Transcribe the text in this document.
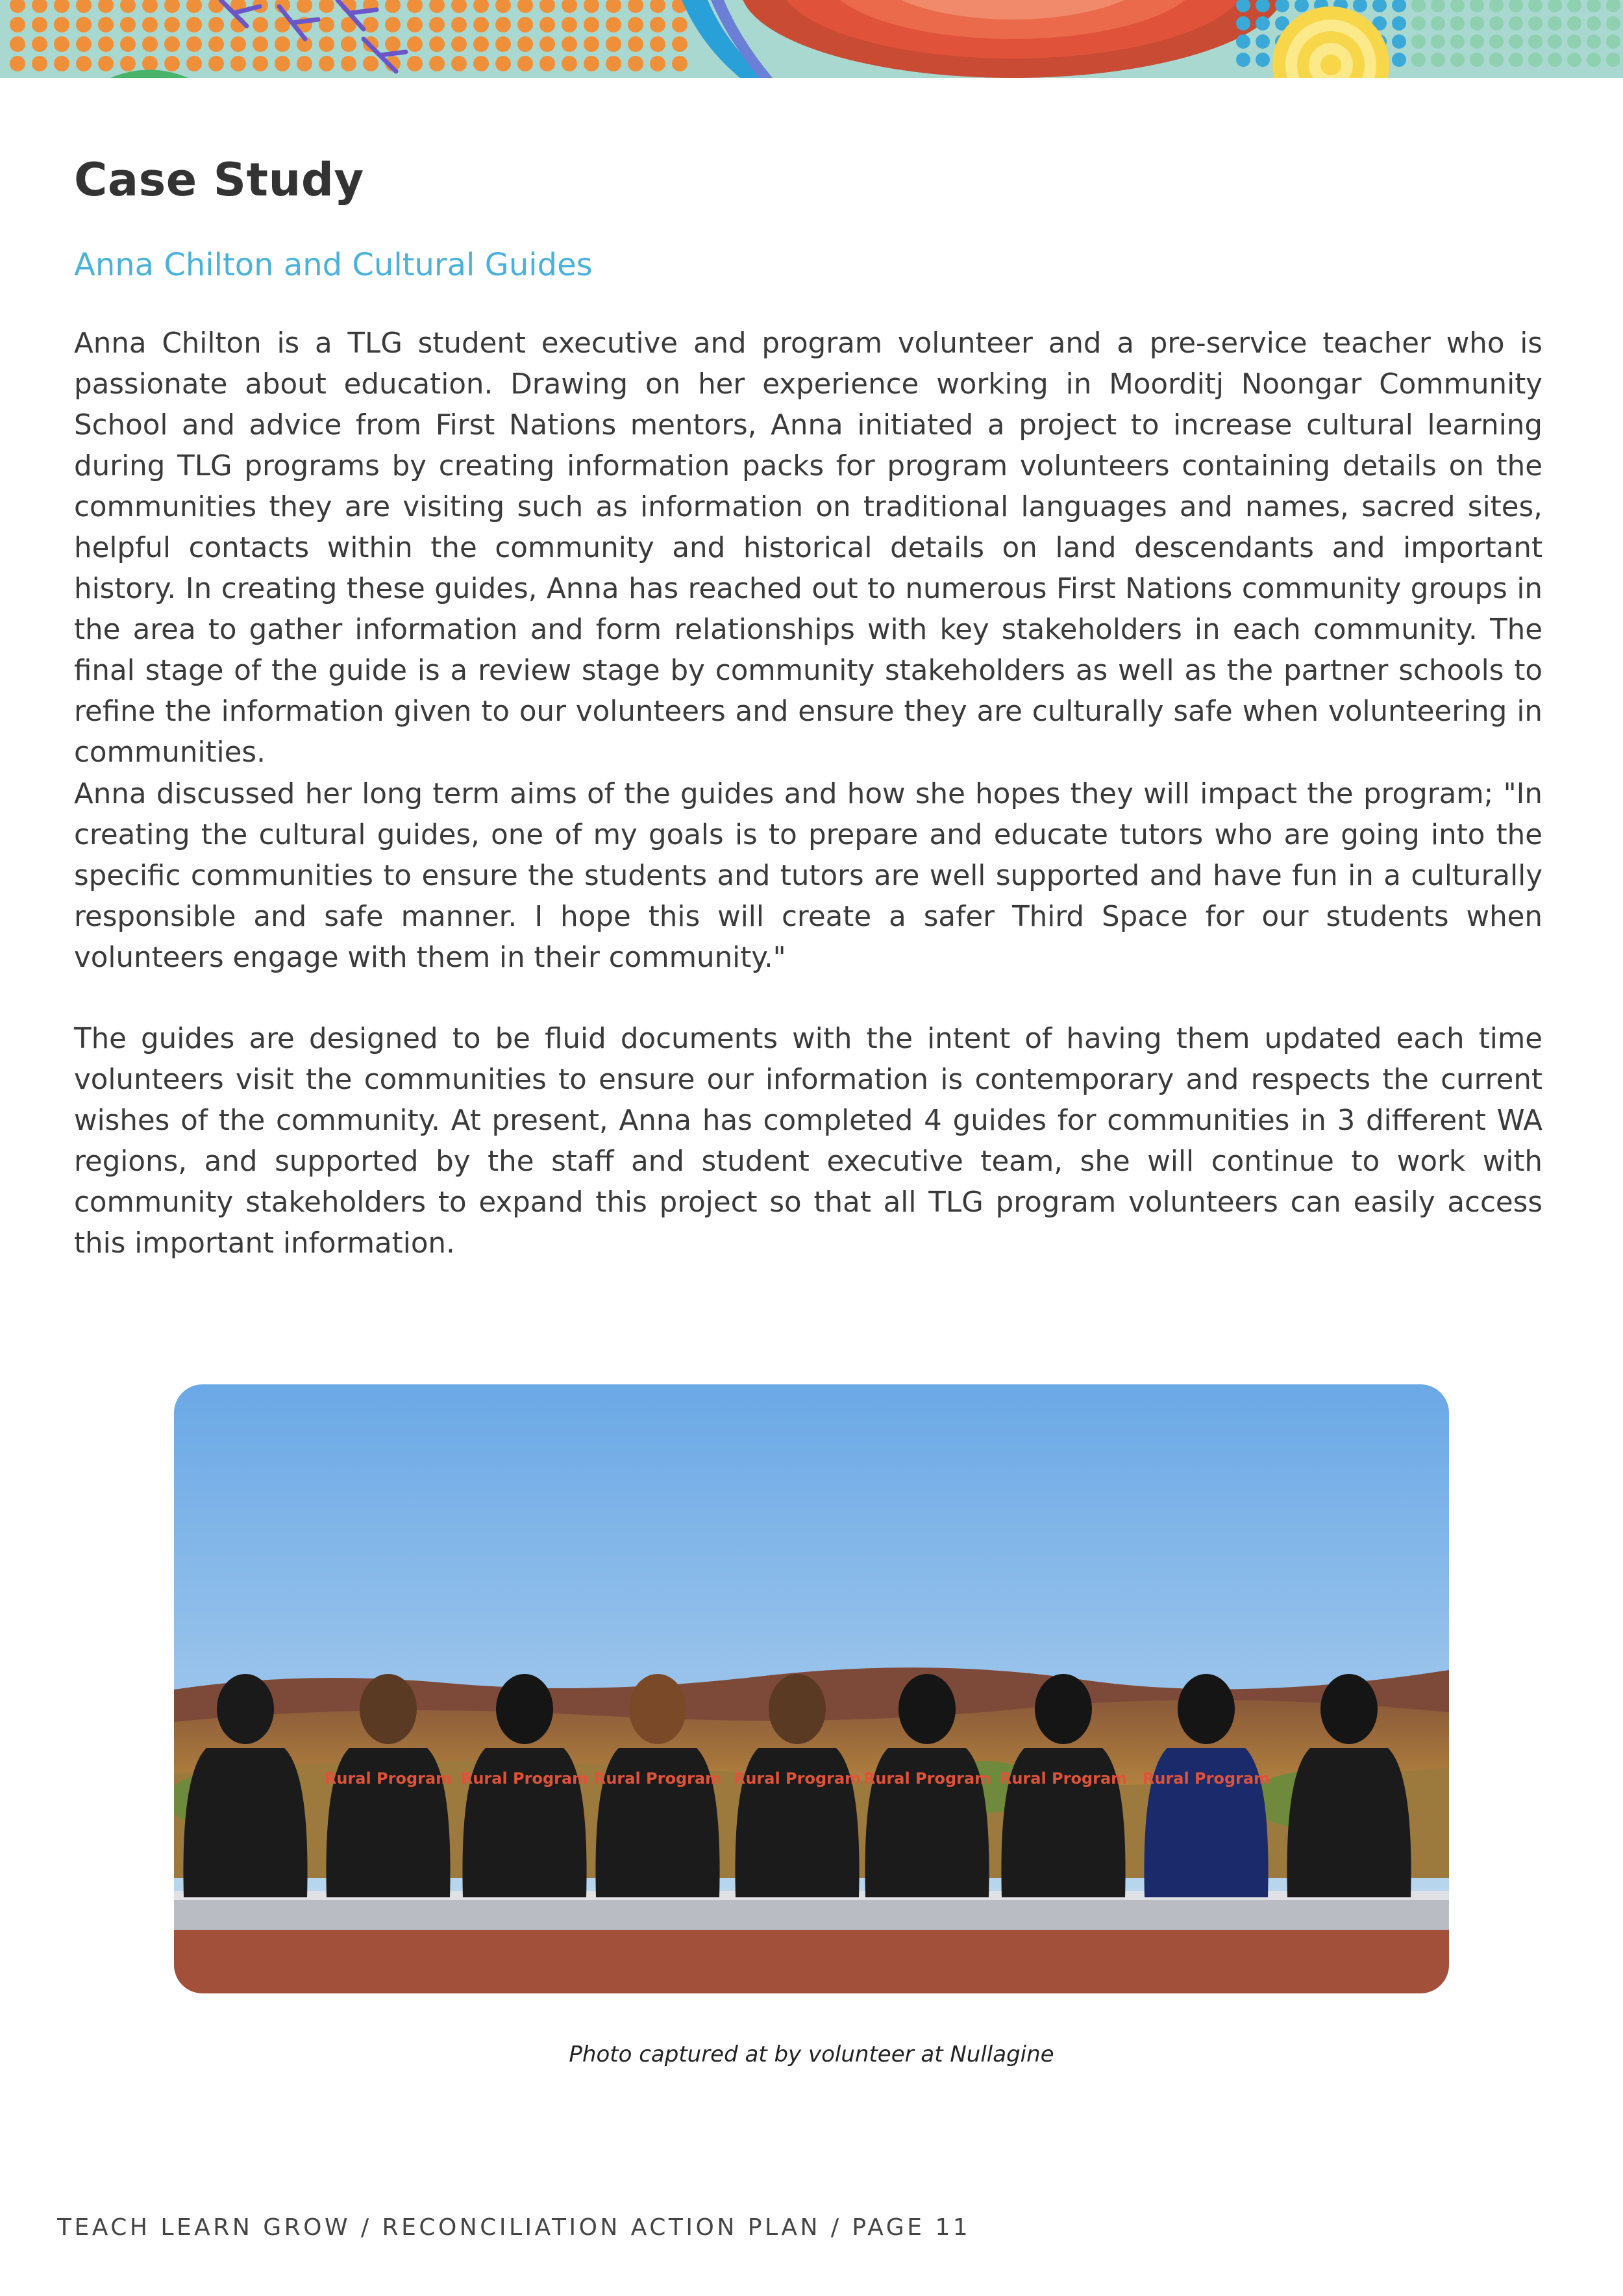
Case Study
Anna Chilton and Cultural Guides

Anna Chilton is a TLG student executive and program volunteer and a pre-service teacher who is passionate about education. Drawing on her experience working in Moorditj Noongar Community School and advice from First Nations mentors, Anna initiated a project to increase cultural learning during TLG programs by creating information packs for program volunteers containing details on the communities they are visiting such as information on traditional languages and names, sacred sites, helpful contacts within the community and historical details on land descendants and important history. In creating these guides, Anna has reached out to numerous First Nations community groups in the area to gather information and form relationships with key stakeholders in each community. The final stage of the guide is a review stage by community stakeholders as well as the partner schools to refine the information given to our volunteers and ensure they are culturally safe when volunteering in communities.

Anna discussed her long term aims of the guides and how she hopes they will impact the program; "In creating the cultural guides, one of my goals is to prepare and educate tutors who are going into the specific communities to ensure the students and tutors are well supported and have fun in a culturally responsible and safe manner. I hope this will create a safer Third Space for our students when volunteers engage with them in their community."

The guides are designed to be fluid documents with the intent of having them updated each time volunteers visit the communities to ensure our information is contemporary and respects the current wishes of the community. At present, Anna has completed 4 guides for communities in 3 different WA regions, and supported by the staff and student executive team, she will continue to work with community stakeholders to expand this project so that all TLG program volunteers can easily access this important information.

Rural Program Rural Program Rural Program Rural Program Rural Program Rural Program Rural Program
Photo captured at by volunteer at Nullagine
TEACH LEARN GROW / RECONCILIATION ACTION PLAN / PAGE 11
